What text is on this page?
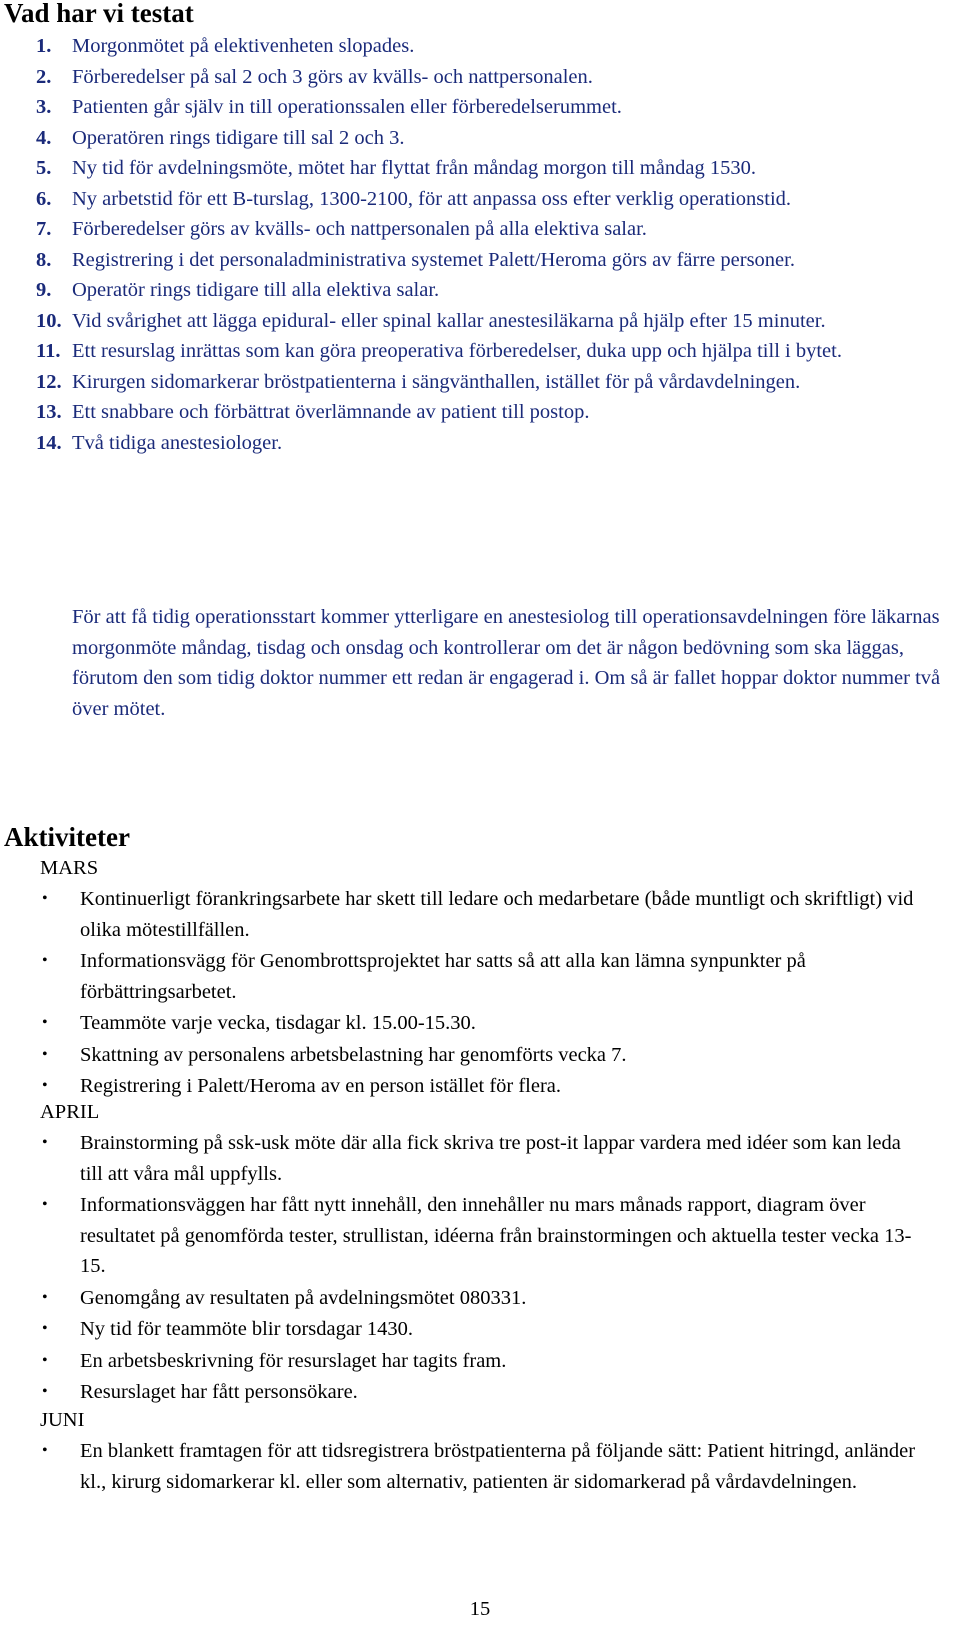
Vad har vi testat
1. Morgonmötet på elektivenheten slopades.
2. Förberedelser på sal 2 och 3 görs av kvälls- och nattpersonalen.
3. Patienten går själv in till operationssalen eller förberedelserummet.
4. Operatören rings tidigare till sal 2 och 3.
5. Ny tid för avdelningsmöte, mötet har flyttat från måndag morgon till måndag 1530.
6. Ny arbetstid för ett B-turslag, 1300-2100, för att anpassa oss efter verklig operationstid.
7. Förberedelser görs av kvälls- och nattpersonalen på alla elektiva salar.
8. Registrering i det personaladministrativa systemet Palett/Heroma görs av färre personer.
9. Operatör rings tidigare till alla elektiva salar.
10. Vid svårighet att lägga epidural- eller spinal kallar anestesiläkarna på hjälp efter 15 minuter.
11. Ett resurslag inrättas som kan göra preoperativa förberedelser, duka upp och hjälpa till i bytet.
12. Kirurgen sidomarkerar bröstpatienterna i sängvänthallen, istället för på vårdavdelningen.
13. Ett snabbare och förbättrat överlämnande av patient till postop.
14. Två tidiga anestesiologer.
För att få tidig operationsstart kommer ytterligare en anestesiolog till operationsavdelningen före läkarnas morgonmöte måndag, tisdag och onsdag och kontrollerar om det är någon bedövning som ska läggas, förutom den som tidig doktor nummer ett redan är engagerad i. Om så är fallet hoppar doktor nummer två över mötet.
Aktiviteter
MARS
• Kontinuerligt förankringsarbete har skett till ledare och medarbetare (både muntligt och skriftligt) vid olika mötestillfällen.
• Informationsvägg för Genombrottsprojektet har satts så att alla kan lämna synpunkter på förbättringsarbetet.
• Teammöte varje vecka, tisdagar kl. 15.00-15.30.
• Skattning av personalens arbetsbelastning har genomförts vecka 7.
• Registrering i Palett/Heroma av en person istället för flera.
APRIL
• Brainstorming på ssk-usk möte där alla fick skriva tre post-it lappar vardera med idéer som kan leda till att våra mål uppfylls.
• Informationsväggen har fått nytt innehåll, den innehåller nu mars månads rapport, diagram över resultatet på genomförda tester, strullistan, idéerna från brainstormingen och aktuella tester vecka 13-15.
• Genomgång av resultaten på avdelningsmötet 080331.
• Ny tid för teammöte blir torsdagar 1430.
• En arbetsbeskrivning för resurslaget har tagits fram.
• Resurslaget har fått personsökare.
JUNI
• En blankett framtagen för att tidsregistrera bröstpatienterna på följande sätt: Patient hitringd, anländer kl., kirurg sidomarkerar kl. eller som alternativ, patienten är sidomarkerad på vårdavdelningen.
15
